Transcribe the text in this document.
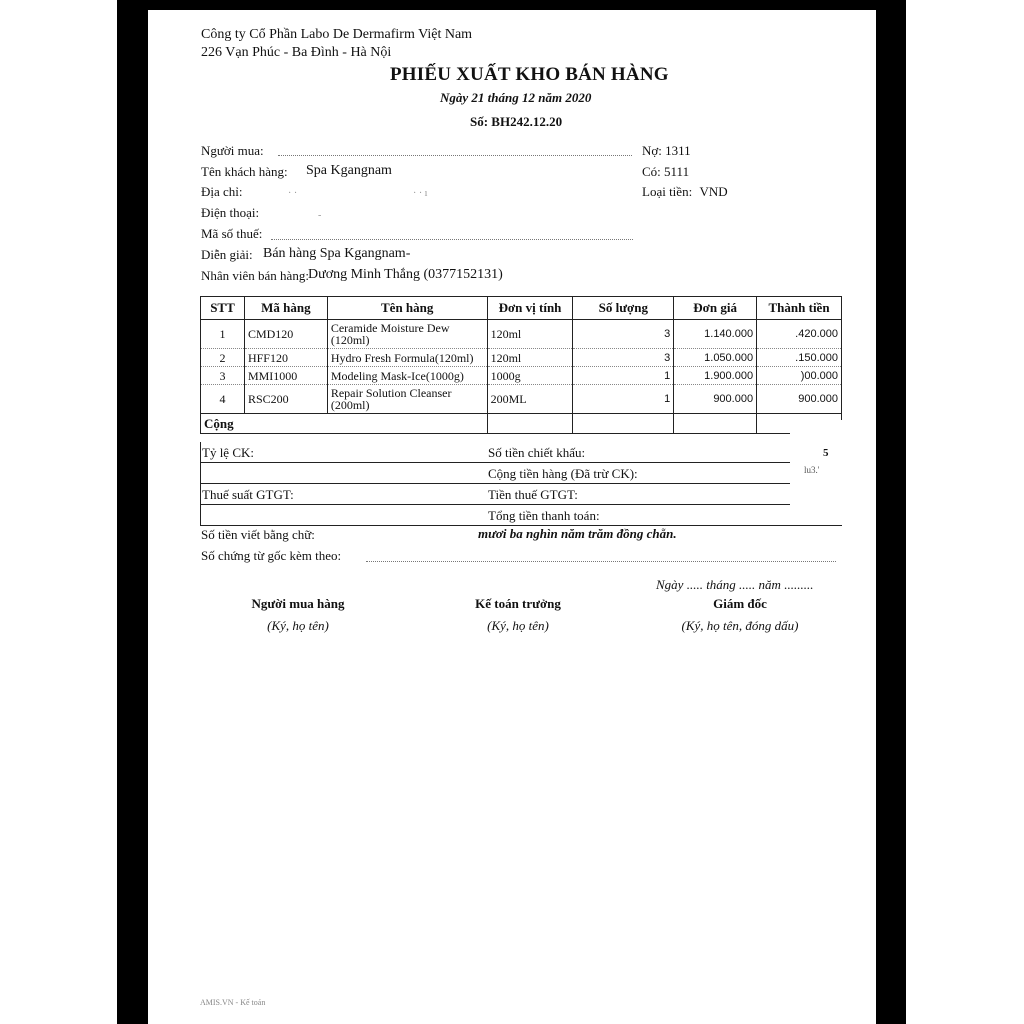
Công ty Cổ Phần Labo De Dermafirm Việt Nam
226 Vạn Phúc - Ba Đình - Hà Nội
PHIẾU XUẤT KHO BÁN HÀNG
Ngày 21 tháng 12 năm 2020
Số: BH242.12.20
Người mua:
Tên khách hàng: Spa Kgangnam
Địa chỉ:	· ·	· · ı
Điện thoại:	-
Mã số thuế:
Diễn giải: Bán hàng Spa Kgangnam-
Nhân viên bán hàng: Dương Minh Thắng (0377152131)
Nợ: 1311
Có: 5111
Loại tiền: VND
STT	Mã hàng	Tên hàng	Đơn vị tính	Số lượng	Đơn giá	Thành tiền
1	CMD120	Ceramide Moisture Dew (120ml)	120ml	3	1.140.000	.420.000
2	HFF120	Hydro Fresh Formula(120ml)	120ml	3	1.050.000	.150.000
3	MMI1000	Modeling Mask-Ice(1000g)	1000g	1	1.900.000	)00.000
4	RSC200	Repair Solution Cleanser (200ml)	200ML	1	900.000	900.000
Cộng						
Tỷ lệ CK:	Số tiền chiết khấu:
Cộng tiền hàng (Đã trừ CK):
Thuế suất GTGT:	Tiền thuế GTGT:
Tổng tiền thanh toán:
Số tiền viết bằng chữ:	mươi ba nghìn năm trăm đồng chẵn.
Số chứng từ gốc kèm theo:
Ngày ..... tháng ..... năm .........
Người mua hàng
(Ký, họ tên)
Kế toán trưởng
(Ký, họ tên)
Giám đốc
(Ký, họ tên, đóng dấu)
AMIS.VN - Kế toán
5
lu3.'
